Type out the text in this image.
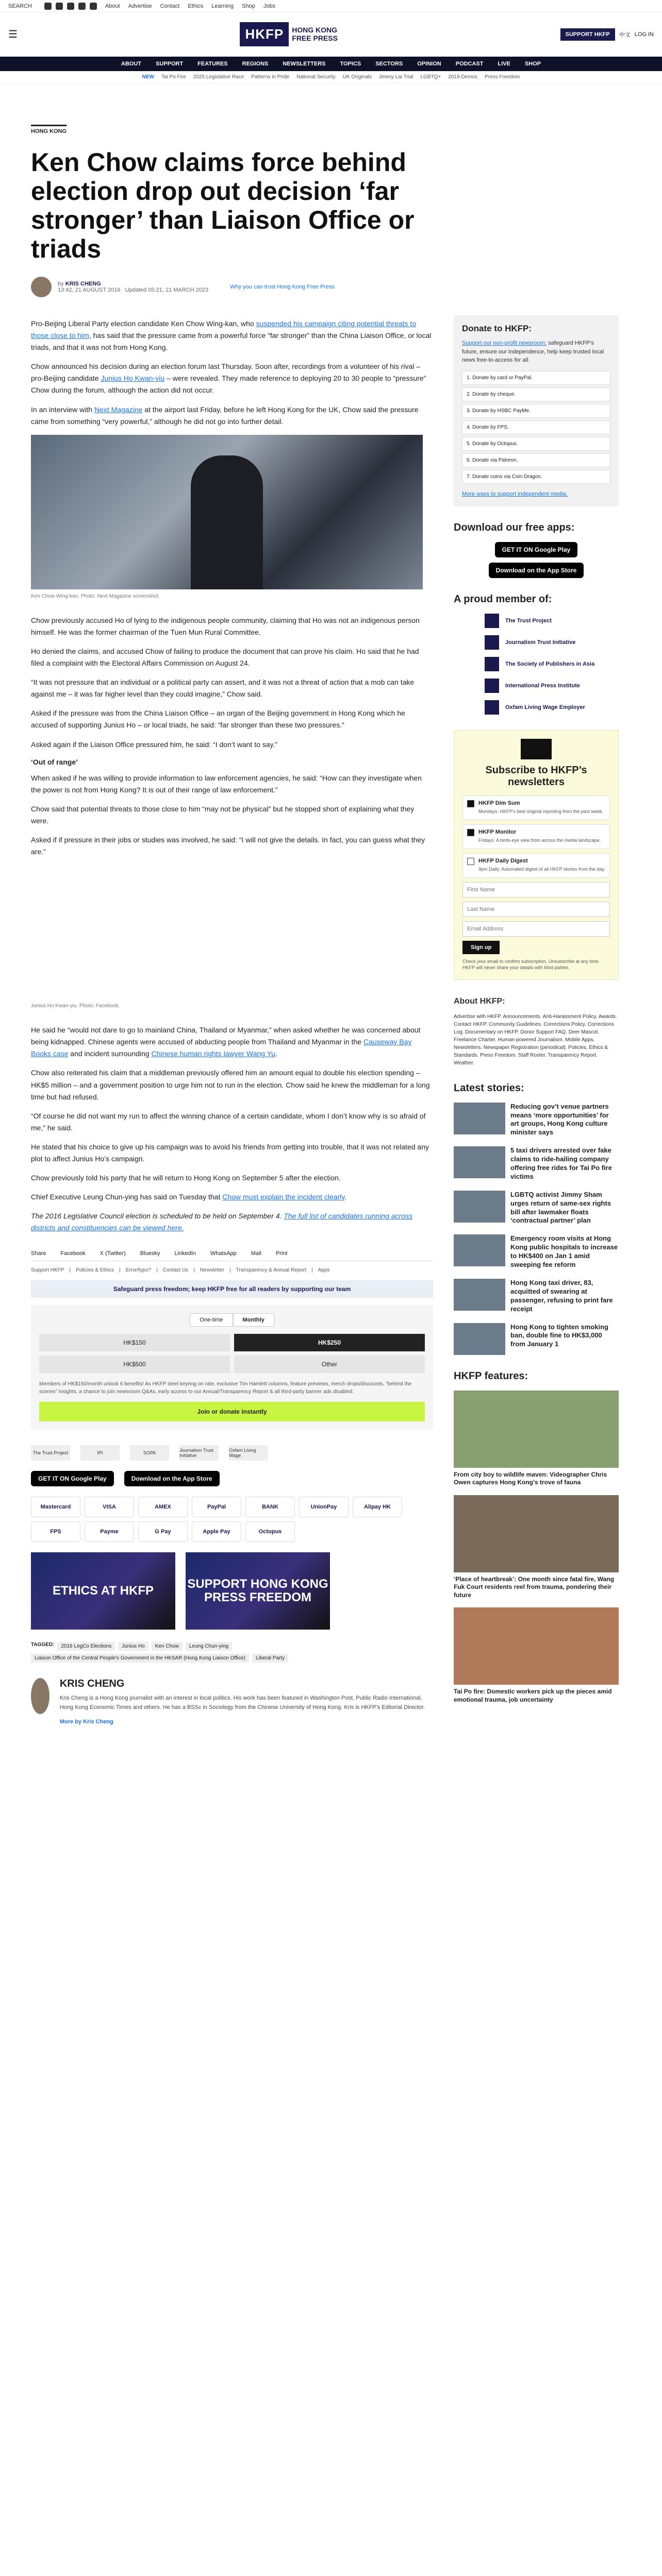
SEARCH	About Advertise Contact Ethics Learning Shop Jobs
☰	HKFP	HONG KONG
FREE PRESS	SUPPORT HKFP	中文 LOG IN
ABOUT	SUPPORT	FEATURES	REGIONS	NEWSLETTERS	TOPICS	SECTORS	OPINION	PODCAST	LIVE	SHOP
NEW Tai Po Fire 2025 Legislative Race Patterns in Pride National Security UK Originals Jimmy Lai Trial LGBTQ+ 2019 Demos Press Freedom
HONG KONG
Ken Chow claims force behind election drop out decision ‘far stronger’ than Liaison Office or triads
by KRIS CHENG
13:42, 21 AUGUST 2016 Updated 05:21, 21 MARCH 2023	Why you can trust Hong Kong Free Press

Pro-Beijing Liberal Party election candidate Ken Chow Wing-kan, who suspended his campaign citing potential threats to those close to him, has said that the pressure came from a powerful force “far stronger” than the China Liaison Office, or local triads, and that it was not from Hong Kong.

Chow announced his decision during an election forum last Thursday. Soon after, recordings from a volunteer of his rival – pro-Beijing candidate Junius Ho Kwan-yiu – were revealed. They made reference to deploying 20 to 30 people to “pressure” Chow during the forum, although the action did not occur.

In an interview with Next Magazine at the airport last Friday, before he left Hong Kong for the UK, Chow said the pressure came from something “very powerful,” although he did not go into further detail.

Ken Chow Wing-kan. Photo: Next Magazine screenshot.

Chow previously accused Ho of lying to the indigenous people community, claiming that Ho was not an indigenous person himself. He was the former chairman of the Tuen Mun Rural Committee.

Ho denied the claims, and accused Chow of failing to produce the document that can prove his claim. Ho said that he had filed a complaint with the Electoral Affairs Commission on August 24.

“It was not pressure that an individual or a political party can assert, and it was not a threat of action that a mob can take against me – it was far higher level than they could imagine,” Chow said.

Asked if the pressure was from the China Liaison Office – an organ of the Beijing government in Hong Kong which he accused of supporting Junius Ho – or local triads, he said: “far stronger than these two pressures.”

Asked again if the Liaison Office pressured him, he said: “I don’t want to say.”

‘Out of range’

When asked if he was willing to provide information to law enforcement agencies, he said: “How can they investigate when the power is not from Hong Kong? It is out of their range of law enforcement.”

Chow said that potential threats to those close to him “may not be physical” but he stopped short of explaining what they were.

Asked if if pressure in their jobs or studies was involved, he said: “I will not give the details. In fact, you can guess what they are.”

Junius Ho Kwan-yiu. Photo: Facebook.

He said he “would not dare to go to mainland China, Thailand or Myanmar,” when asked whether he was concerned about being kidnapped. Chinese agents were accused of abducting people from Thailand and Myanmar in the Causeway Bay Books case and incident surrounding Chinese human rights lawyer Wang Yu.

Chow also reiterated his claim that a middleman previously offered him an amount equal to double his election spending – HK$5 million – and a government position to urge him not to run in the election. Chow said he knew the middleman for a long time but had refused.

“Of course he did not want my run to affect the winning chance of a certain candidate, whom I don’t know why is so afraid of me,” he said.

He stated that his choice to give up his campaign was to avoid his friends from getting into trouble, that it was not related any plot to affect Junius Ho’s campaign.

Chow previously told his party that he will return to Hong Kong on September 5 after the election.

Chief Executive Leung Chun-ying has said on Tuesday that Chow must explain the incident clearly.

The 2016 Legislative Council election is scheduled to be held on September 4. The full list of candidates running across districts and constituencies can be viewed here.

Share	Facebook	X (Twitter)	Bluesky	LinkedIn	WhatsApp	Mail	Print
Support HKFP | Policies & Ethics | Error/typo? | Contact Us | Newsletter | Transparency & Annual Report | Apps
Safeguard press freedom; keep HKFP free for all readers by supporting our team
One-time	Monthly
HK$150	HK$250
HK$500	Other
Members of HK$150/month unlock 6 benefits! As HKFP steel keyring on rate, exclusive Tim Hamlett columns, feature previews, merch drops/discounts, “behind the scenes” insights, a chance to join newsroom Q&As, early access to our Annual/Transparency Report & all third-party banner ads disabled.
Join or donate instantly
The Trust Project	IPI	SOPA	Journalism Trust Initiative
Oxfam Living Wage
GET IT ON Google Play	Download on the App Store
Mastercard	VISA	AMEX	PayPal	BANK	UnionPay	Alipay HK
FPS	Payme	G Pay	Apple Pay	Octopus
ETHICS AT HKFP	SUPPORT HONG KONG PRESS FREEDOM
TAGGED:	2016 LegCo Elections	Junius Ho	Ken Chow	Leung Chun-ying
Liaison Office of the Central People's Government in the HKSAR (Hong Kong Liaison Office)	Liberal Party
KRIS CHENG

Kris Cheng is a Hong Kong journalist with an interest in local politics. His work has been featured in Washington Post, Public Radio International, Hong Kong Economic Times and others. He has a BSSc in Sociology from the Chinese University of Hong Kong. Kris is HKFP's Editorial Director.

More by Kris Cheng
Donate to HKFP:
Support our non-profit newsroom: safeguard HKFP’s future, ensure our independence, help keep trusted local news free-to-access for all.
1. Donate by card or PayPal.
2. Donate by cheque.
3. Donate by HSBC PayMe.
4. Donate by FPS.
5. Donate by Octopus.
6. Donate via Patreon.
7. Donate coins via Coin Dragon.
More ways to support independent media.
Download our free apps:
GET IT ON Google Play
Download on the App Store
A proud member of:
The Trust Project
Journalism Trust Initiative
The Society of Publishers in Asia
International Press Institute
Oxfam Living Wage Employer
Subscribe to HKFP’s newsletters
HKFP Dim Sum
Mondays: HKFP's best original reporting from the past week.
HKFP Monitor
Fridays: A birds-eye view from across the media landscape.
HKFP Daily Digest
9pm Daily: Automated digest of all HKFP stories from the day.
First Name Last Name Email Address Sign up
Check your email to confirm subscription. Unsubscribe at any time. HKFP will never share your details with third parties.
About HKFP:
Advertise with HKFP. Announcements. Anti-Harassment Policy. Awards. Contact HKFP. Community Guidelines. Corrections Policy. Corrections Log. Documentary on HKFP. Donor Support FAQ. Deer Mascot. Freelance Charter. Human-powered Journalism. Mobile Apps. Newsletters. Newspaper Registration (periodical). Policies, Ethics & Standards. Press Freedom. Staff Roster. Transparency Report. Weather.
Latest stories:
Reducing gov’t venue partners means ‘more opportunities’ for art groups, Hong Kong culture minister says
5 taxi drivers arrested over fake claims to ride-hailing company offering free rides for Tai Po fire victims
LGBTQ activist Jimmy Sham urges return of same-sex rights bill after lawmaker floats ‘contractual partner’ plan
Emergency room visits at Hong Kong public hospitals to increase to HK$400 on Jan 1 amid sweeping fee reform
Hong Kong taxi driver, 83, acquitted of swearing at passenger, refusing to print fare receipt
Hong Kong to tighten smoking ban, double fine to HK$3,000 from January 1
HKFP features:
From city boy to wildlife maven: Videographer Chris Owen captures Hong Kong’s trove of fauna
‘Place of heartbreak’: One month since fatal fire, Wang Fuk Court residents reel from trauma, pondering their future
Tai Po fire: Domestic workers pick up the pieces amid emotional trauma, job uncertainty
